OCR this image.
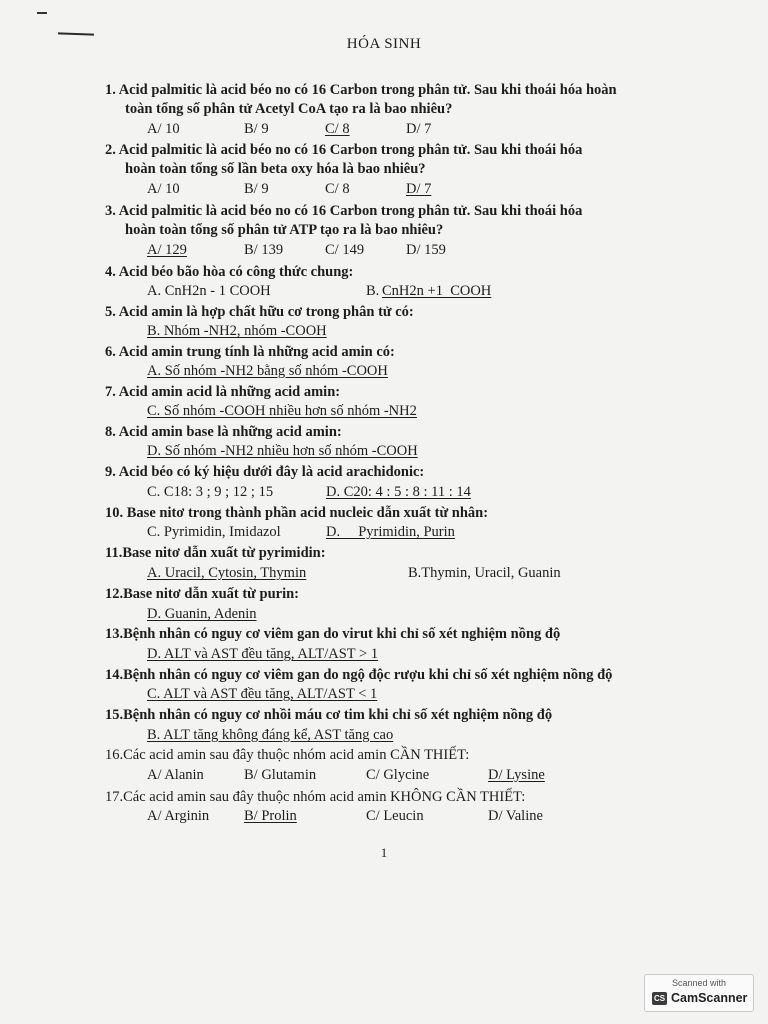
HÓA SINH
1. Acid palmitic là acid béo no có 16 Carbon trong phân tử. Sau khi thoái hóa hoàn
toàn tổng số phân tử Acetyl CoA tạo ra là bao nhiêu?
A/ 10	B/ 9	C/ 8	D/ 7
2. Acid palmitic là acid béo no có 16 Carbon trong phân tử. Sau khi thoái hóa
hoàn toàn tổng số lần beta oxy hóa là bao nhiêu?
A/ 10	B/ 9	C/ 8	D/ 7
3. Acid palmitic là acid béo no có 16 Carbon trong phân tử. Sau khi thoái hóa
hoàn toàn tổng số phân tử ATP tạo ra là bao nhiêu?
A/ 129	B/ 139	C/ 149	D/ 159
4. Acid béo bão hòa có công thức chung:
A. CnH2n - 1 COOH	B. CnH2n +1  COOH
5. Acid amin là hợp chất hữu cơ trong phân tử có:
B. Nhóm -NH2, nhóm -COOH
6. Acid amin trung tính là những acid amin có:
A. Số nhóm -NH2 bằng số nhóm -COOH
7. Acid amin acid là những acid amin:
C. Số nhóm -COOH nhiều hơn số nhóm -NH2
8. Acid amin base là những acid amin:
D. Số nhóm -NH2 nhiều hơn số nhóm -COOH
9. Acid béo có ký hiệu dưới đây là acid arachidonic:
C. C18: 3 ; 9 ; 12 ; 15	D. C20: 4 : 5 : 8 : 11 : 14
10. Base nitơ trong thành phần acid nucleic dẫn xuất từ nhân:
C. Pyrimidin, Imidazol	D.     Pyrimidin, Purin
11.Base nitơ dẫn xuất từ pyrimidin:
A. Uracil, Cytosin, Thymin	B.Thymin, Uracil, Guanin
12.Base nitơ dẫn xuất từ purin:
D. Guanin, Adenin
13.Bệnh nhân có nguy cơ viêm gan do virut khi chỉ số xét nghiệm nồng độ
D. ALT và AST đều tăng, ALT/AST > 1
14.Bệnh nhân có nguy cơ viêm gan do ngộ độc rượu khi chỉ số xét nghiệm nồng độ
C. ALT và AST đều tăng, ALT/AST < 1
15.Bệnh nhân có nguy cơ nhồi máu cơ tim khi chỉ số xét nghiệm nồng độ
B. ALT tăng không đáng kể, AST tăng cao
16.Các acid amin sau đây thuộc nhóm acid amin CẦN THIẾT:
A/ Alanin	B/ Glutamin	C/ Glycine	D/ Lysine
17.Các acid amin sau đây thuộc nhóm acid amin KHÔNG CẦN THIẾT:
A/ Arginin B/ Prolin	C/ Leucin	D/ Valine
1
Scanned with
CS CamScanner
